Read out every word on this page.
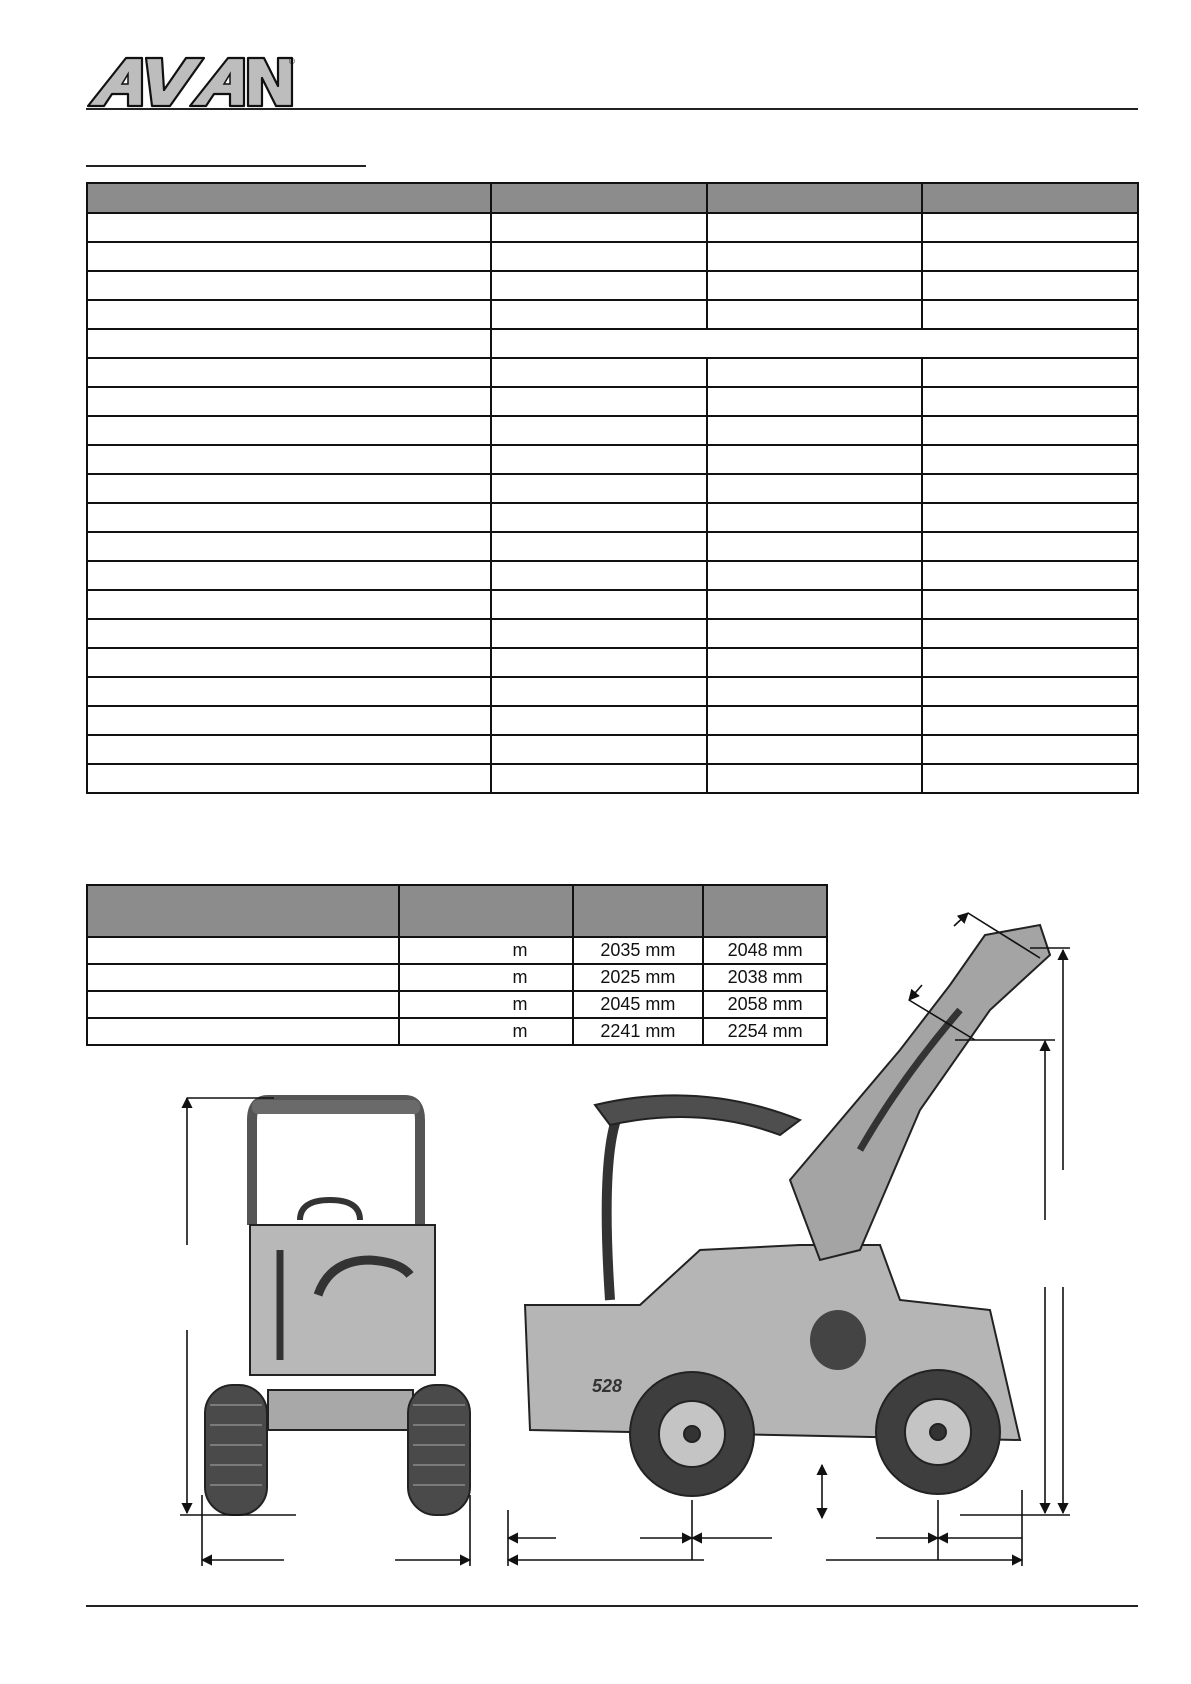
®

	m	2035 mm	2048 mm
	m	2025 mm	2038 mm
	m	2045 mm	2058 mm
	m	2241 mm	2254 mm
528
